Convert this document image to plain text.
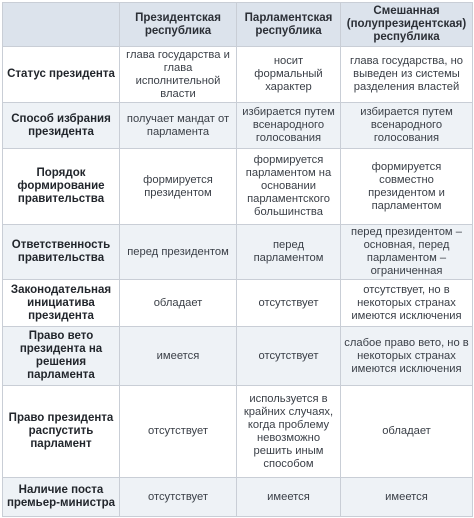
	Президентская республика	Парламентская республика	Смешанная (полупрезидентская) республика
Статус президента	глава государства и глава исполнительной власти	носит формальный характер	глава государства, но выведен из системы разделения властей
Способ избрания президента	получает мандат от парламента	избирается путем всенародного голосования	избирается путем всенародного голосования
Порядок формирование правительства	формируется президентом	формируется парламентом на основании парламентского большинства	формируется совместно президентом и парламентом
Ответственность правительства	перед президентом	перед парламентом	перед президентом – основная, перед парламентом – ограниченная
Законодательная инициатива президента	обладает	отсутствует	отсутствует, но в некоторых странах имеются исключения
Право вето президента на решения парламента	имеется	отсутствует	слабое право вето, но в некоторых странах имеются исключения
Право президента распустить парламент	отсутствует	используется в крайних случаях, когда проблему невозможно решить иным способом	обладает
Наличие поста премьер-министра	отсутствует	имеется	имеется
